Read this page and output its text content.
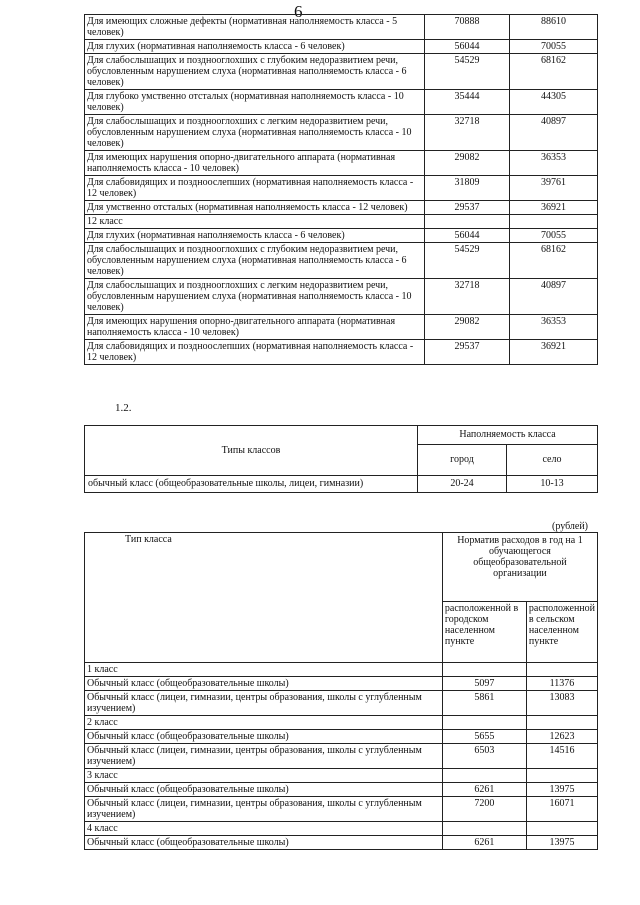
6
Для имеющих сложные дефекты (нормативная наполняемость класса - 5 человек)	70888	88610
Для глухих (нормативная наполняемость класса - 6 человек)	56044	70055
Для слабослышащих и позднооглохших с глубоким недоразвитием речи, обусловленным нарушением слуха (нормативная наполняемость класса - 6 человек)	54529	68162
Для глубоко умственно отсталых (нормативная наполняемость класса - 10 человек)	35444	44305
Для слабослышащих и позднооглохших с легким недоразвитием речи, обусловленным нарушением слуха (нормативная наполняемость класса - 10 человек)	32718	40897
Для имеющих нарушения опорно-двигательного аппарата (нормативная наполняемость класса - 10 человек)	29082	36353
Для слабовидящих и поздноослепших (нормативная наполняемость класса - 12 человек)	31809	39761
Для умственно отсталых (нормативная наполняемость класса - 12 человек)	29537	36921
12 класс		
Для глухих (нормативная наполняемость класса - 6 человек)	56044	70055
Для слабослышащих и позднооглохших с глубоким недоразвитием речи, обусловленным нарушением слуха (нормативная наполняемость класса - 6 человек)	54529	68162
Для слабослышащих и позднооглохших с легким недоразвитием речи, обусловленным нарушением слуха (нормативная наполняемость класса - 10 человек)	32718	40897
Для имеющих нарушения опорно-двигательного аппарата (нормативная наполняемость класса - 10 человек)	29082	36353
Для слабовидящих и поздноослепших (нормативная наполняемость класса - 12 человек)	29537	36921
1.2.
Типы классов	Наполняемость класса	
	город	село
обычный класс (общеобразовательные школы, лицеи, гимназии)	20-24	10-13
(рублей)
Тип класса	Норматив расходов в год на 1 обучающегося общеобразовательной организации	
	расположенной в городском населенном пункте	расположенной в сельском населенном пункте
1 класс		
Обычный класс (общеобразовательные школы)	5097	11376
Обычный класс (лицеи, гимназии, центры образования, школы с углубленным изучением)	5861	13083
2 класс		
Обычный класс (общеобразовательные школы)	5655	12623
Обычный класс (лицеи, гимназии, центры образования, школы с углубленным изучением)	6503	14516
3 класс		
Обычный класс (общеобразовательные школы)	6261	13975
Обычный класс (лицеи, гимназии, центры образования, школы с углубленным изучением)	7200	16071
4 класс		
Обычный класс (общеобразовательные школы)	6261	13975
